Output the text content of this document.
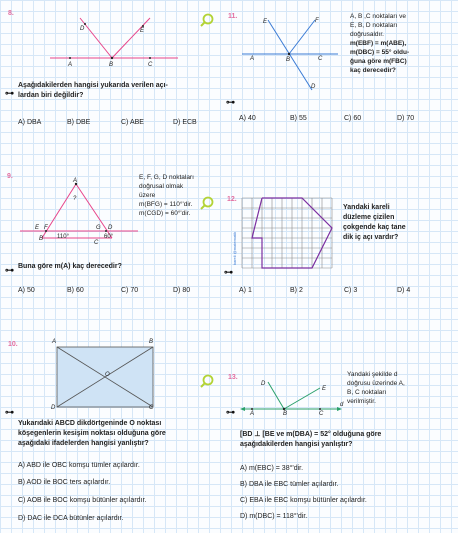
8.
D	E
A	B	C
Aşağıdakilerden hangisi yukarıda verilen açı-
⊶ lardan biri değildir?
A) DBA	B) DBE	C) ABE	D) ECB
11.
E	F
A	B	C
D
A, B ,C noktaları ve
E, B, D noktaları
doğrusaldır.
m(EBF) = m(ABE),
m(DBC) = 55° oldu-
ğuna göre m(FBC)
kaç derecedir?
⊶
A) 40	B) 55	C) 60	D) 70
9.
A
?
E F	G D
B 110°
C
60°
E, F, G, D noktaları
doğrusal olmak
üzere
m(BFG) = 110°'dir.
m(CGD) = 60°'dir.
Buna göre m(A) kaç derecedir?
⊶
A) 50	B) 60	C) 70	D) 80
12.
kareli @matematik
Yandaki kareli
düzleme çizilen
çokgende kaç tane
dik iç açı vardır?
⊶
A) 1	B) 2	C) 3	D) 4
10.	A	B
O
D	C
⊶
Yukarıdaki ABCD dikdörtgeninde O noktası
köşegenlerin kesişim noktası olduğuna göre
aşağıdaki ifadelerden hangisi yanlıştır?
A) ABD ile OBC komşu tümler açılardır.
B) AOD ile BOC ters açılardır.
C) AOB ile BOC komşu bütünler açılardır.
D) DAC ile DCA bütünler açılardır.
13.
D
E
A	B	C
d
Yandaki şekilde d
doğrusu üzerinde A,
B, C noktaları
verilmiştir.
⊶
[BD ⊥ [BE ve m(DBA) = 52° olduğuna göre
aşağıdakilerden hangisi yanlıştır?
A) m(EBC) = 38°'dir.
B) DBA ile EBC tümler açılardır.
C) EBA ile EBC komşu bütünler açılardır.
D) m(DBC) = 118°'dir.
